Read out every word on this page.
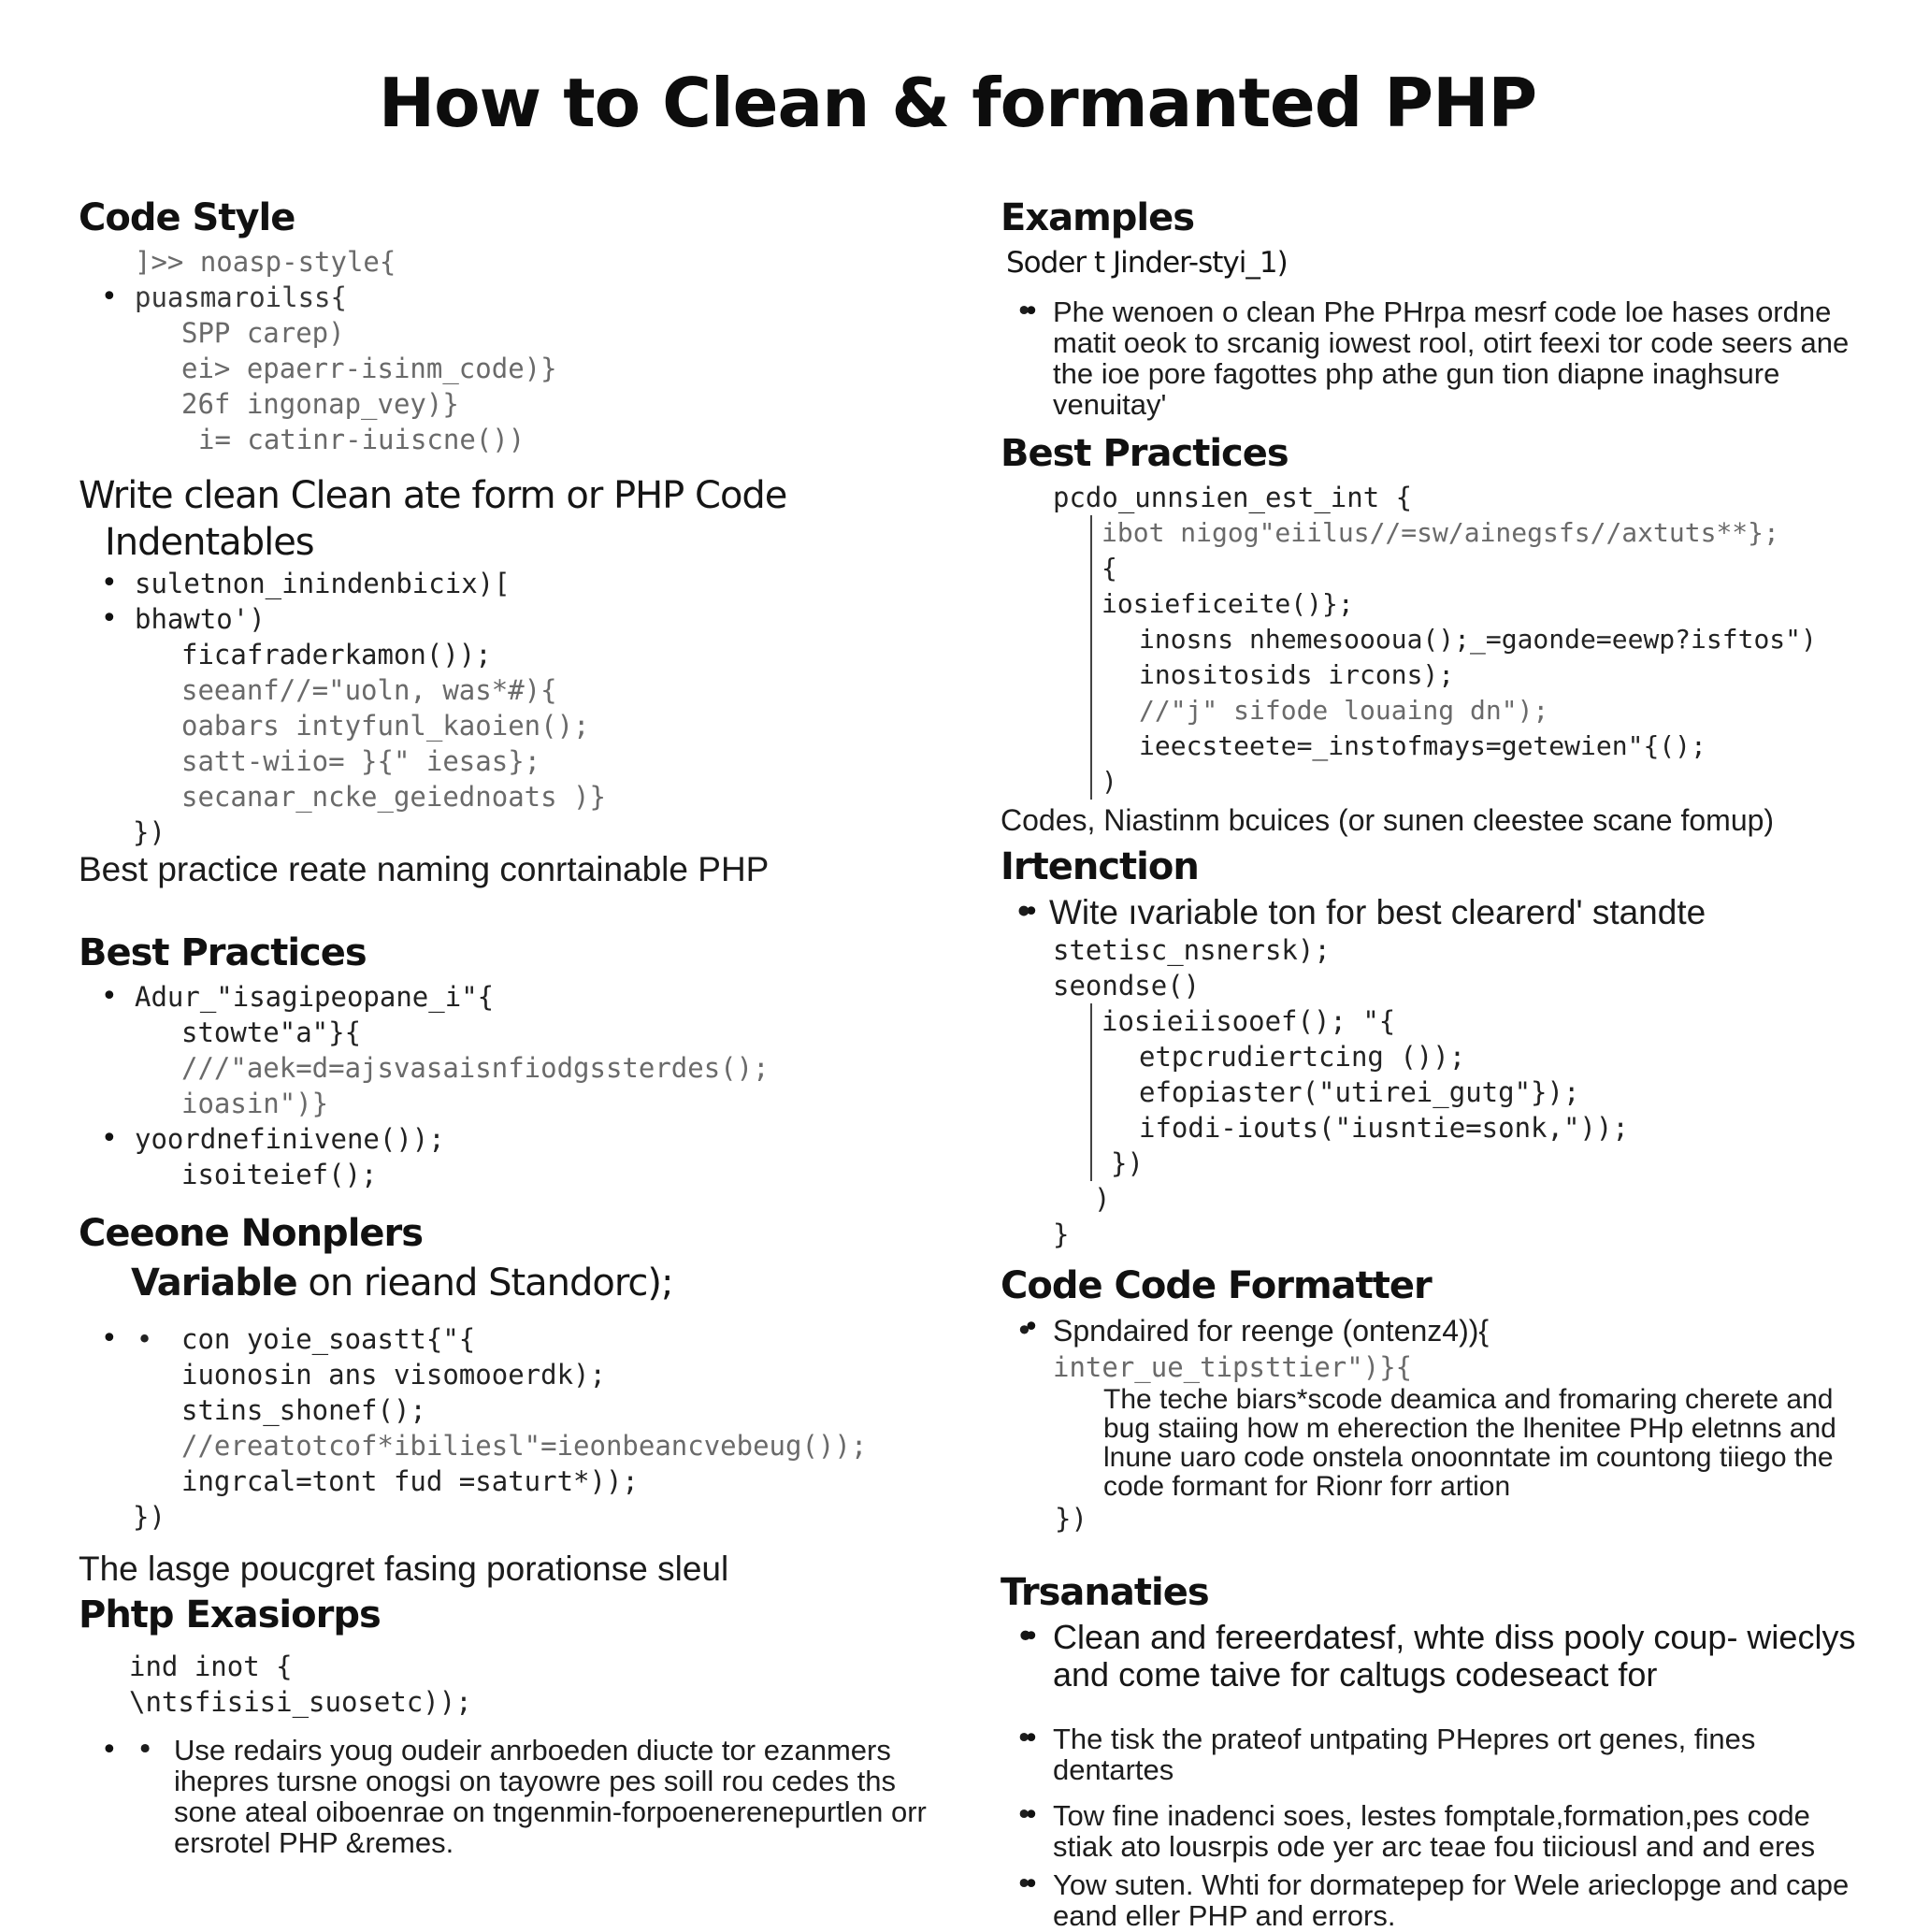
How to Clean & formanted PHP
Code Style
]>> noasp-style{
• puasmaroilss{
SPP carep)
ei> epaerr-isinm_code)}
26f ingonap_vey)}
i= catinr-iuiscne())
Write clean Clean ate form or PHP Code
Indentables
• suletnon_inindenbicix)[
• bhawto')
ficafraderkamon());
seeanf//="uoln, was*#){
oabars intyfunl_kaoien();
satt-wiio= }{" iesas};
secanar_ncke_geiednoats )}
})
Best practice reate naming conrtainable PHP
Best Practices
• Adur_"isagipeopane_i"{
stowte"a"}{
///"aek=d=ajsvasaisnfiodgssterdes();
ioasin")}
• yoordnefinivene());
isoiteief();
Ceeone Nonplers
Variable on rieand Standorc);
• • con yoie_soastt{"{
iuonosin ans visomooerdk);
stins_shonef();
//ereatotcof*ibiliesl"=ieonbeancvebeug());
ingrcal=tont fud =saturt*));
})
The lasge poucgret fasing porationse sleul
Phtp Exasiorps
ind inot {
\ntsfisisi_suosetc));
• • Use redairs youg oudeir anrboeden diucte tor ezanmers ihepres tursne onogsi on tayowre pes soill rou cedes ths sone ateal oiboenrae on tngenmin-forpoenerenepurtlen orr ersrotel PHP &remes.
Examples
Soder t Jinder-styi_1)
• • Phe wenoen o clean Phe PHrpa mesrf code loe hases ordne matit oeok to srcanig iowest rool, otirt feexi tor code seers ane the ioe pore fagottes php athe gun tion diapne inaghsure venuitay'
Best Practices
pcdo_unnsien_est_int {
ibot nigog"eiilus//=sw/ainegsfs//axtuts**};
{
iosieficeite()};
inosns nhemesoooua();_=gaonde=eewp?isftos")
inositosids ircons);
//"j" sifode louaing dn");
ieecsteete=_instofmays=getewien"{();
)
Codes, Niastinm bcuices (or sunen cleestee scane fomup)
Irtenction
• • Wite ıvariable ton for best clearerd' standte
stetisc_nsnersk);
seondse()
iosieiisooef(); "{
etpcrudiertcing ());
efopiaster("utirei_gutg"});
ifodi-iouts("iusntie=sonk,"));
})
)
}
Code Code Formatter
• • Spndaired for reenge (ontenz4)){
inter_ue_tipsttier")}{
The teche biars*scode deamica and fromaring cherete and bug staiing how m eherection the lhenitee PHp eletnns and lnune uaro code onstela onoonntate im countong tiiego the code formant for Rionr forr artion
})
Trsanaties
• • Clean and fereerdatesf, whte diss pooly coup- wieclys and come taive for caltugs codeseact for
• • The tisk the prateof untpating PHepres ort genes, fines dentartes
• • Tow fine inadenci soes, lestes fomptale,formation,pes code stiak ato lousrpis ode yer arc teae fou tiiciousl and and eres
• • Yow suten. Whti for dormatepep for Wele arieclopge and cape eand eller PHP and errors.
